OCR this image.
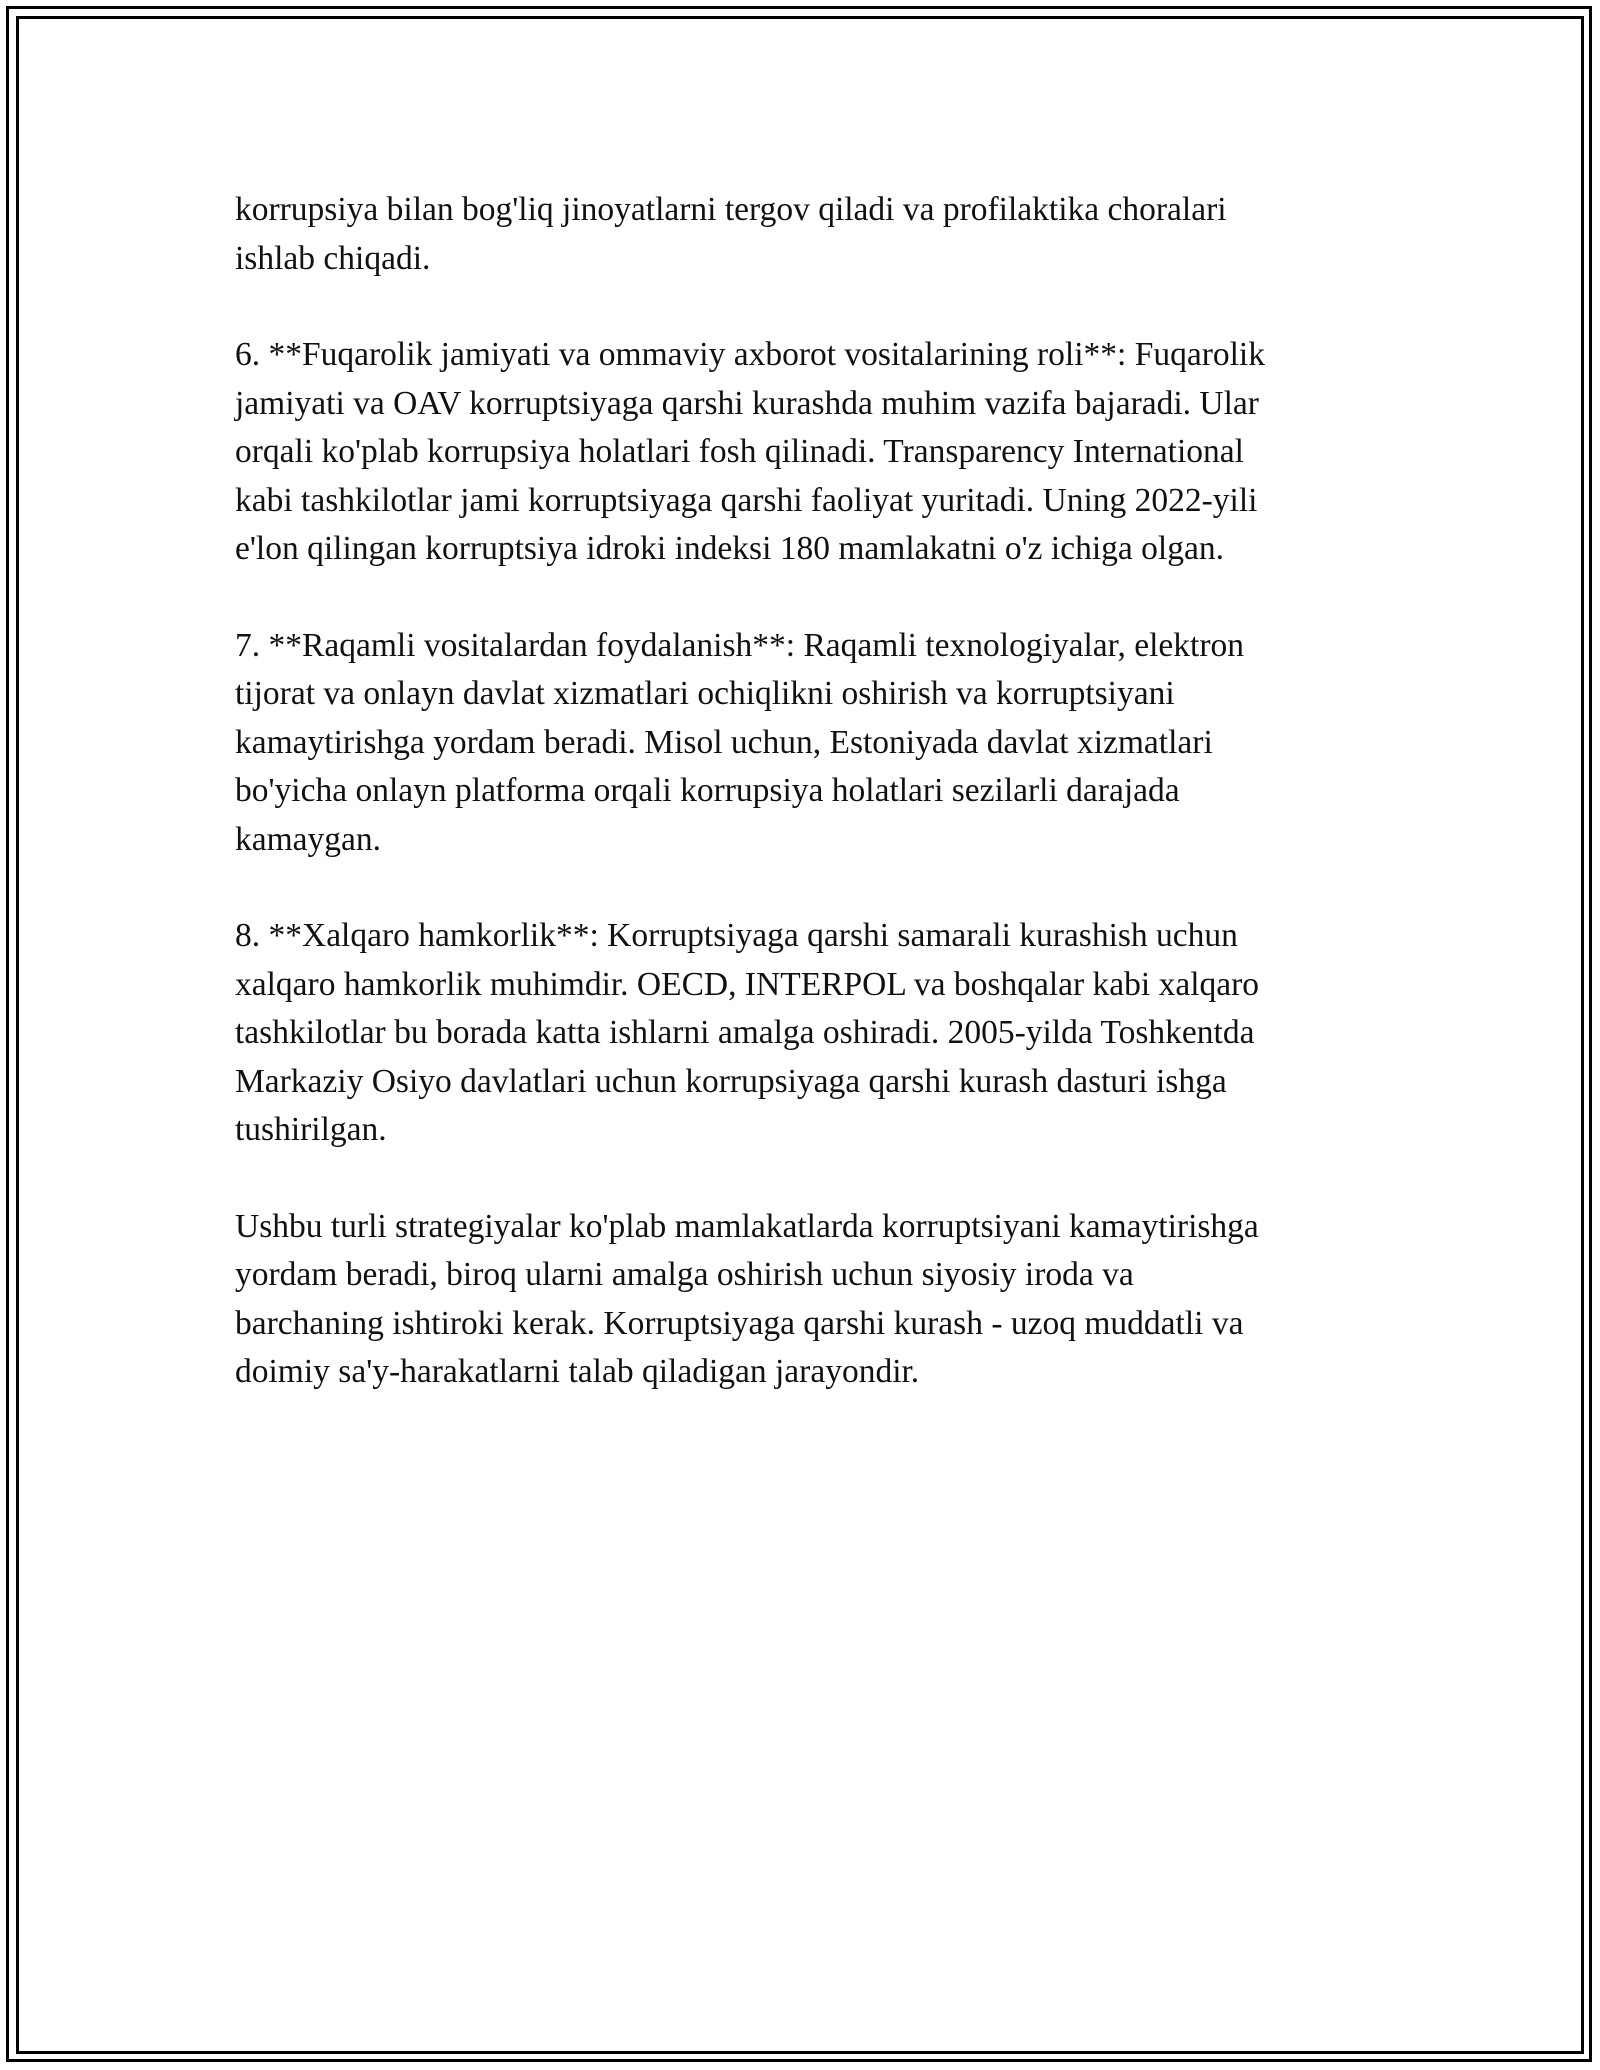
korrupsiya bilan bog'liq jinoyatlarni tergov qiladi va profilaktika choralari
ishlab chiqadi.

6. **Fuqarolik jamiyati va ommaviy axborot vositalarining roli**: Fuqarolik
jamiyati va OAV korruptsiyaga qarshi kurashda muhim vazifa bajaradi. Ular
orqali ko'plab korrupsiya holatlari fosh qilinadi. Transparency International
kabi tashkilotlar jami korruptsiyaga qarshi faoliyat yuritadi. Uning 2022-yili
e'lon qilingan korruptsiya idroki indeksi 180 mamlakatni o'z ichiga olgan.

7. **Raqamli vositalardan foydalanish**: Raqamli texnologiyalar, elektron
tijorat va onlayn davlat xizmatlari ochiqlikni oshirish va korruptsiyani
kamaytirishga yordam beradi. Misol uchun, Estoniyada davlat xizmatlari
bo'yicha onlayn platforma orqali korrupsiya holatlari sezilarli darajada
kamaygan.

8. **Xalqaro hamkorlik**: Korruptsiyaga qarshi samarali kurashish uchun
xalqaro hamkorlik muhimdir. OECD, INTERPOL va boshqalar kabi xalqaro
tashkilotlar bu borada katta ishlarni amalga oshiradi. 2005-yilda Toshkentda
Markaziy Osiyo davlatlari uchun korrupsiyaga qarshi kurash dasturi ishga
tushirilgan.

Ushbu turli strategiyalar ko'plab mamlakatlarda korruptsiyani kamaytirishga
yordam beradi, biroq ularni amalga oshirish uchun siyosiy iroda va
barchaning ishtiroki kerak. Korruptsiyaga qarshi kurash - uzoq muddatli va
doimiy sa'y-harakatlarni talab qiladigan jarayondir.
